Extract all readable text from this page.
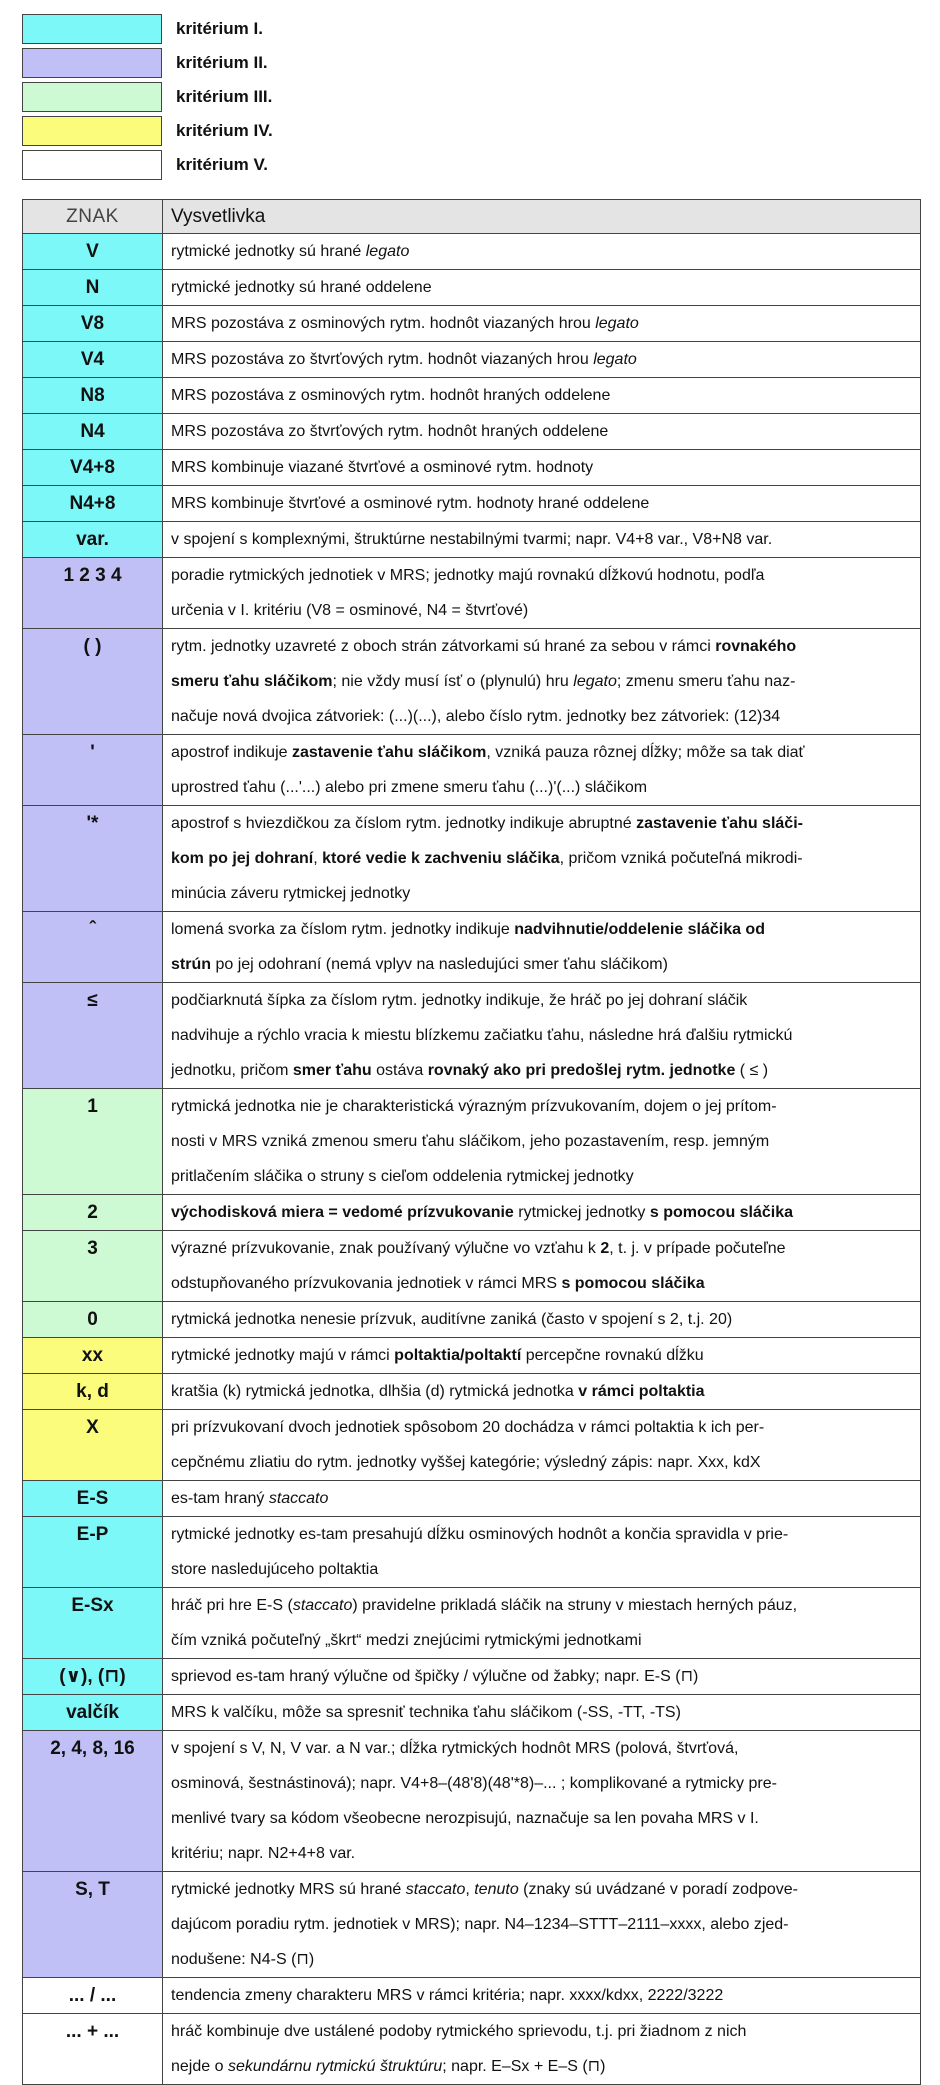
kritérium I.
kritérium II.
kritérium III.
kritérium IV.
kritérium V.
ZNAK	Vysvetlivka
V	rytmické jednotky sú hrané legato
N	rytmické jednotky sú hrané oddelene
V8	MRS pozostáva z osminových rytm. hodnôt viazaných hrou legato
V4	MRS pozostáva zo štvrťových rytm. hodnôt viazaných hrou legato
N8	MRS pozostáva z osminových rytm. hodnôt hraných oddelene
N4	MRS pozostáva zo štvrťových rytm. hodnôt hraných oddelene
V4+8	MRS kombinuje viazané štvrťové a osminové rytm. hodnoty
N4+8	MRS kombinuje štvrťové a osminové rytm. hodnoty hrané oddelene
var.	v spojení s komplexnými, štruktúrne nestabilnými tvarmi; napr. V4+8 var., V8+N8 var.
1 2 3 4	poradie rytmických jednotiek v MRS; jednotky majú rovnakú dĺžkovú hodnotu, podľa
určenia v I. kritériu (V8 = osminové, N4 = štvrťové)
( )	rytm. jednotky uzavreté z oboch strán zátvorkami sú hrané za sebou v rámci rovnakého
smeru ťahu sláčikom; nie vždy musí ísť o (plynulú) hru legato; zmenu smeru ťahu naz-
načuje nová dvojica zátvoriek: (...)(...), alebo číslo rytm. jednotky bez zátvoriek: (12)34
'	apostrof indikuje zastavenie ťahu sláčikom, vzniká pauza rôznej dĺžky; môže sa tak diať
uprostred ťahu (...'...) alebo pri zmene smeru ťahu (...)'(...) sláčikom
'*	apostrof s hviezdičkou za číslom rytm. jednotky indikuje abruptné zastavenie ťahu sláči-
kom po jej dohraní, ktoré vedie k zachveniu sláčika, pričom vzniká počuteľná mikrodi-
minúcia záveru rytmickej jednotky
ˆ	lomená svorka za číslom rytm. jednotky indikuje nadvihnutie/oddelenie sláčika od
strún po jej odohraní (nemá vplyv na nasledujúci smer ťahu sláčikom)
≤	podčiarknutá šípka za číslom rytm. jednotky indikuje, že hráč po jej dohraní sláčik
nadvihuje a rýchlo vracia k miestu blízkemu začiatku ťahu, následne hrá ďalšiu rytmickú
jednotku, pričom smer ťahu ostáva rovnaký ako pri predošlej rytm. jednotke ( ≤ )
1	rytmická jednotka nie je charakteristická výrazným prízvukovaním, dojem o jej prítom-
nosti v MRS vzniká zmenou smeru ťahu sláčikom, jeho pozastavením, resp. jemným
pritlačením sláčika o struny s cieľom oddelenia rytmickej jednotky
2	východisková miera = vedomé prízvukovanie rytmickej jednotky s pomocou sláčika
3	výrazné prízvukovanie, znak používaný výlučne vo vzťahu k 2, t. j. v prípade počuteľne
odstupňovaného prízvukovania jednotiek v rámci MRS s pomocou sláčika
0	rytmická jednotka nenesie prízvuk, auditívne zaniká (často v spojení s 2, t.j. 20)
xx	rytmické jednotky majú v rámci poltaktia/poltaktí percepčne rovnakú dĺžku
k, d	kratšia (k) rytmická jednotka, dlhšia (d) rytmická jednotka v rámci poltaktia
X	pri prízvukovaní dvoch jednotiek spôsobom 20 dochádza v rámci poltaktia k ich per-
cepčnému zliatiu do rytm. jednotky vyššej kategórie; výsledný zápis: napr. Xxx, kdX
E-S	es-tam hraný staccato
E-P	rytmické jednotky es-tam presahujú dĺžku osminových hodnôt a končia spravidla v prie-
store nasledujúceho poltaktia
E-Sx	hráč pri hre E-S (staccato) pravidelne prikladá sláčik na struny v miestach herných páuz,
čím vzniká počuteľný „škrt“ medzi znejúcimi rytmickými jednotkami
(∨), (⊓)	sprievod es-tam hraný výlučne od špičky / výlučne od žabky; napr. E-S (⊓)
valčík	MRS k valčíku, môže sa spresniť technika ťahu sláčikom (-SS, -TT, -TS)
2, 4, 8, 16	v spojení s V, N, V var. a N var.; dĺžka rytmických hodnôt MRS (polová, štvrťová,
osminová, šestnástinová); napr. V4+8–(48'8)(48'*8)–... ; komplikované a rytmicky pre-
menlivé tvary sa kódom všeobecne nerozpisujú, naznačuje sa len povaha MRS v I.
kritériu; napr. N2+4+8 var.
S, T	rytmické jednotky MRS sú hrané staccato, tenuto (znaky sú uvádzané v poradí zodpove-
dajúcom poradiu rytm. jednotiek v MRS); napr. N4–1234–STTT–2111–xxxx, alebo zjed-
nodušene: N4-S (⊓)
... / ...	tendencia zmeny charakteru MRS v rámci kritéria; napr. xxxx/kdxx, 2222/3222
... + ...	hráč kombinuje dve ustálené podoby rytmického sprievodu, t.j. pri žiadnom z nich
nejde o sekundárnu rytmickú štruktúru; napr. E–Sx + E–S (⊓)
